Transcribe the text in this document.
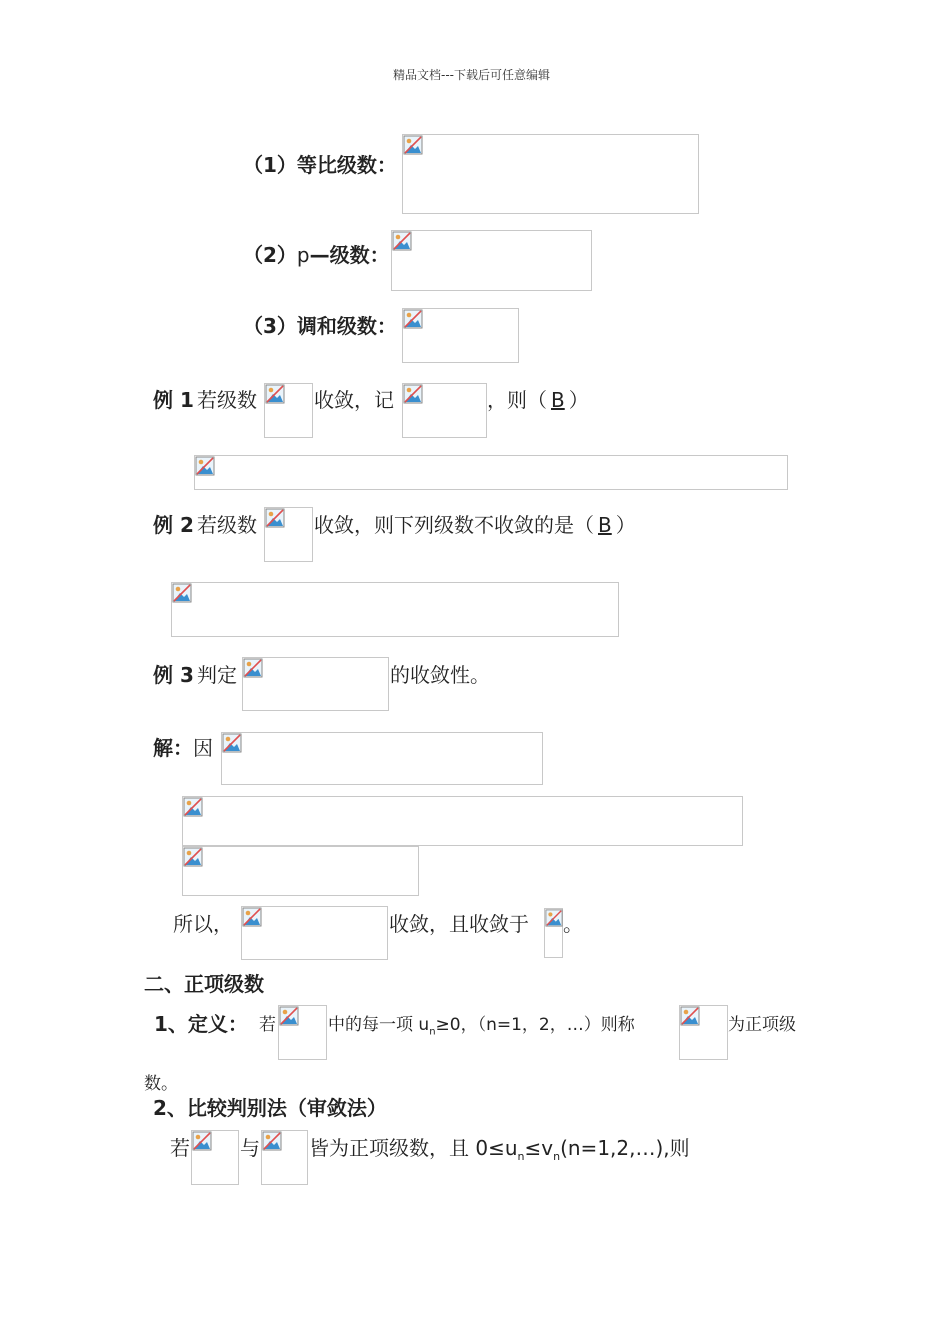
精品文档---下载后可任意编辑
（1）等比级数：
（2）p—级数：
（3）调和级数：
例 1 若级数	收敛，记	，则（ B ）
例 2 若级数	收敛，则下列级数不收敛的是（ B ）
例 3 判定	的收敛性。
解：因
所以，	收敛，且收敛于 。
二、正项级数
1、定义： 若	中的每一项 $u_n\ge 0$，（n=1，2，…）则称	为正项级
数。
2、比较判别法（审敛法）
若	与 皆为正项级数，且 $0\le u_n\le v_n(n=1,2,\dots)$,则
